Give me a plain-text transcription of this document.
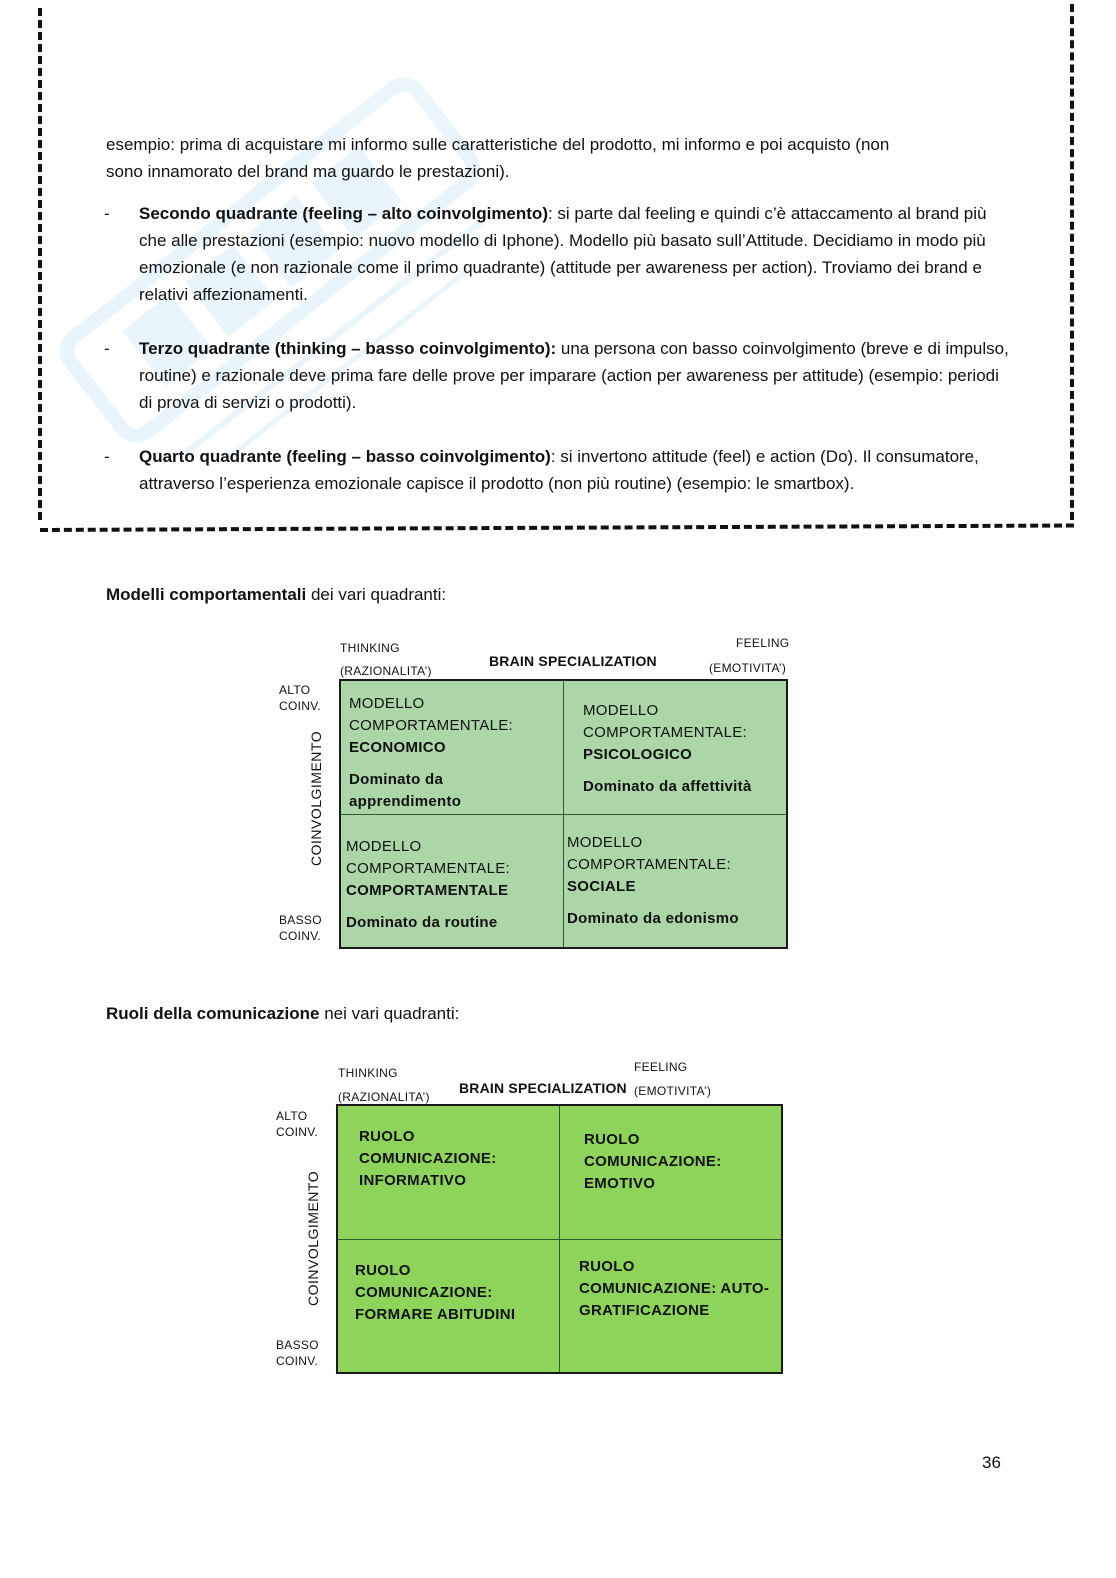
esempio: prima di acquistare mi informo sulle caratteristiche del prodotto, mi informo e poi acquisto (non
sono innamorato del brand ma guardo le prestazioni).

- Secondo quadrante (feeling – alto coinvolgimento): si parte dal feeling e quindi c’è attaccamento al brand più che alle prestazioni (esempio: nuovo modello di Iphone). Modello più basato sull’Attitude. Decidiamo in modo più emozionale (e non razionale come il primo quadrante) (attitude per awareness per action). Troviamo dei brand e relativi affezionamenti.
- Terzo quadrante (thinking – basso coinvolgimento): una persona con basso coinvolgimento (breve e di impulso, routine) e razionale deve prima fare delle prove per imparare (action per awareness per attitude) (esempio: periodi di prova di servizi o prodotti).
- Quarto quadrante (feeling – basso coinvolgimento): si invertono attitude (feel) e action (Do). Il consumatore, attraverso l’esperienza emozionale capisce il prodotto (non più routine) (esempio: le smartbox).
Modelli comportamentali dei vari quadranti:
THINKING
(RAZIONALITA’)
BRAIN SPECIALIZATION
FEELING
(EMOTIVITA’)
ALTO
COINV.
BASSO
COINV.
COINVOLGIMENTO
MODELLO
COMPORTAMENTALE:
ECONOMICO
Dominato da
apprendimento
MODELLO
COMPORTAMENTALE:
PSICOLOGICO
Dominato da affettività
MODELLO
COMPORTAMENTALE:
COMPORTAMENTALE
Dominato da routine
MODELLO
COMPORTAMENTALE:
SOCIALE
Dominato da edonismo
Ruoli della comunicazione nei vari quadranti:
THINKING
(RAZIONALITA’)
BRAIN SPECIALIZATION
FEELING
(EMOTIVITA’)
ALTO
COINV.
BASSO
COINV.
COINVOLGIMENTO
RUOLO
COMUNICAZIONE:
INFORMATIVO
RUOLO
COMUNICAZIONE:
EMOTIVO
RUOLO
COMUNICAZIONE:
FORMARE ABITUDINI
RUOLO
COMUNICAZIONE: AUTO-
GRATIFICAZIONE
36
